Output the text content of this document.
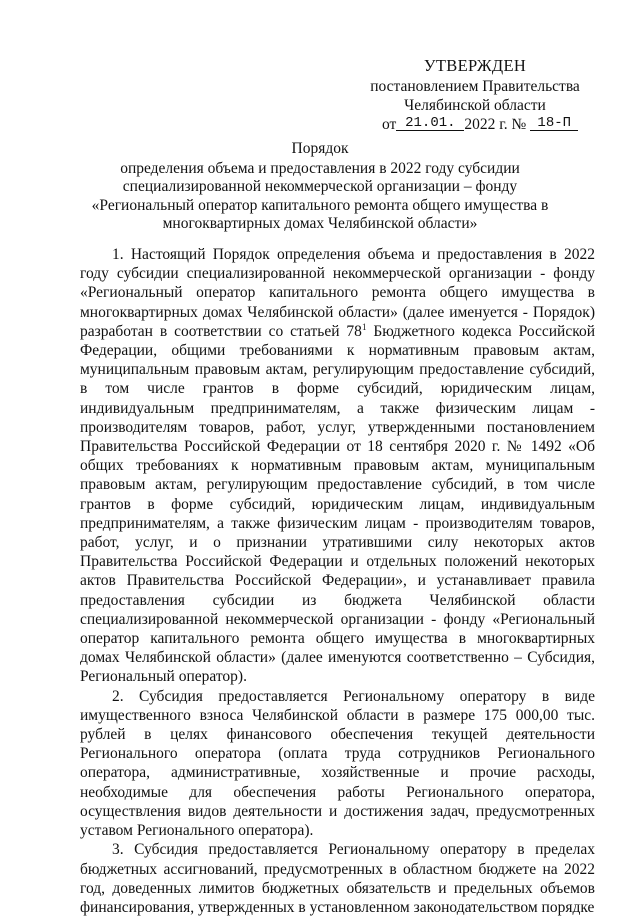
УТВЕРЖДЕН
постановлением Правительства
Челябинской области
от 21.01. 2022 г. № 18-П
Порядок
определения объема и предоставления в 2022 году субсидии
специализированной некоммерческой организации – фонду
«Региональный оператор капитального ремонта общего имущества в
многоквартирных домах Челябинской области»

1. Настоящий Порядок определения объема и предоставления в 2022 году субсидии специализированной некоммерческой организации - фонду «Региональный оператор капитального ремонта общего имущества в многоквартирных домах Челябинской области» (далее именуется - Порядок) разработан в соответствии со статьей $78^1$ Бюджетного кодекса Российской Федерации, общими требованиями к нормативным правовым актам, муниципальным правовым актам, регулирующим предоставление субсидий, в том числе грантов в форме субсидий, юридическим лицам, индивидуальным предпринимателям, а также физическим лицам - производителям товаров, работ, услуг, утвержденными постановлением Правительства Российской Федерации от 18 сентября 2020 г. № 1492 «Об общих требованиях к нормативным правовым актам, муниципальным правовым актам, регулирующим предоставление субсидий, в том числе грантов в форме субсидий, юридическим лицам, индивидуальным предпринимателям, а также физическим лицам - производителям товаров, работ, услуг, и о признании утратившими силу некоторых актов Правительства Российской Федерации и отдельных положений некоторых актов Правительства Российской Федерации», и устанавливает правила предоставления субсидии из бюджета Челябинской области специализированной некоммерческой организации - фонду «Региональный оператор капитального ремонта общего имущества в многоквартирных домах Челябинской области» (далее именуются соответственно – Субсидия, Региональный оператор).

2. Субсидия предоставляется Региональному оператору в виде имущественного взноса Челябинской области в размере 175 000,00 тыс. рублей в целях финансового обеспечения текущей деятельности Регионального оператора (оплата труда сотрудников Регионального оператора, административные, хозяйственные и прочие расходы, необходимые для обеспечения работы Регионального оператора, осуществления видов деятельности и достижения задач, предусмотренных уставом Регионального оператора).

3. Субсидия предоставляется Региональному оператору в пределах бюджетных ассигнований, предусмотренных в областном бюджете на 2022 год, доведенных лимитов бюджетных обязательств и предельных объемов финансирования, утвержденных в установленном законодательством порядке
